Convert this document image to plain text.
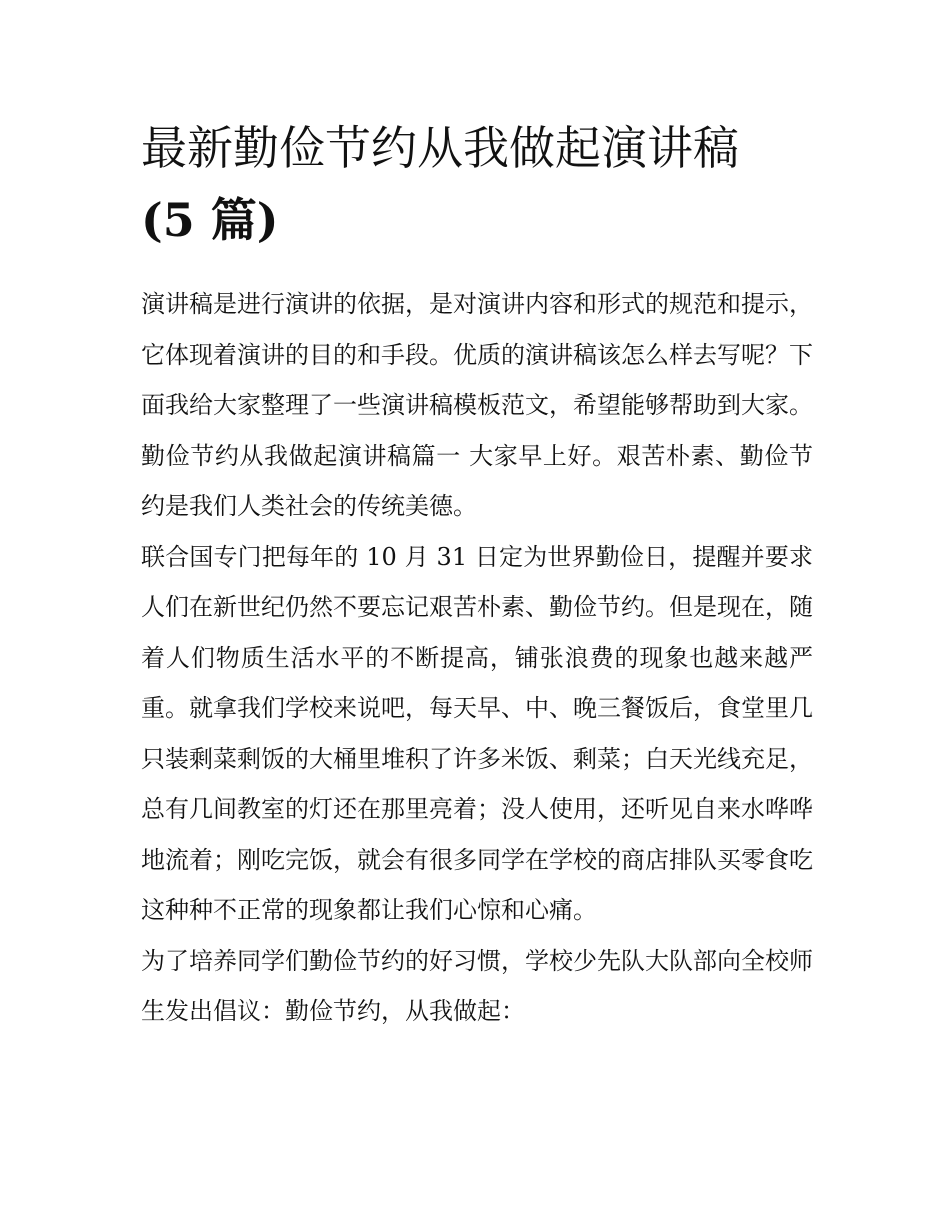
最新勤俭节约从我做起演讲稿
(5 篇)

演讲稿是进行演讲的依据，是对演讲内容和形式的规范和提示，它体现着演讲的目的和手段。优质的演讲稿该怎么样去写呢？下面我给大家整理了一些演讲稿模板范文，希望能够帮助到大家。

勤俭节约从我做起演讲稿篇一 大家早上好。艰苦朴素、勤俭节约是我们人类社会的传统美德。

联合国专门把每年的 10 月 31 日定为世界勤俭日，提醒并要求人们在新世纪仍然不要忘记艰苦朴素、勤俭节约。但是现在，随着人们物质生活水平的不断提高，铺张浪费的现象也越来越严重。就拿我们学校来说吧，每天早、中、晚三餐饭后，食堂里几只装剩菜剩饭的大桶里堆积了许多米饭、剩菜；白天光线充足，总有几间教室的灯还在那里亮着；没人使用，还听见自来水哗哗地流着；刚吃完饭，就会有很多同学在学校的商店排队买零食吃这种种不正常的现象都让我们心惊和心痛。

为了培养同学们勤俭节约的好习惯，学校少先队大队部向全校师生发出倡议：勤俭节约，从我做起：
